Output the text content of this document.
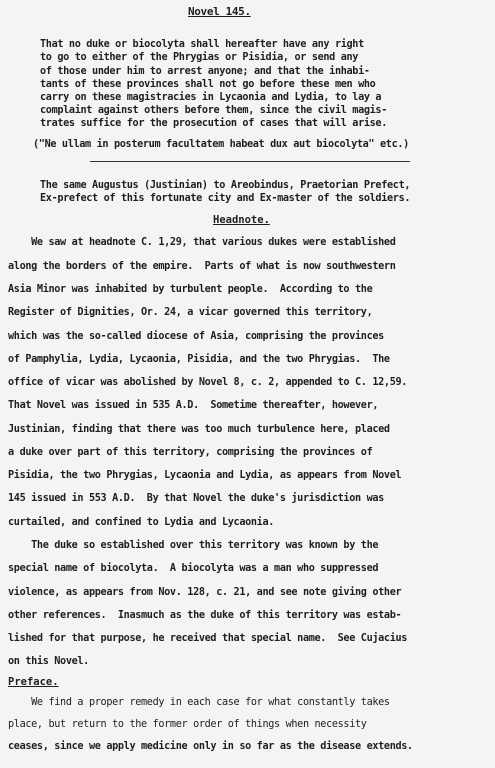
Novel 145.
That no duke or biocolyta shall hereafter have any right
to go to either of the Phrygias or Pisidia, or send any
of those under him to arrest anyone; and that the inhabi-
tants of these provinces shall not go before these men who
carry on these magistracies in Lycaonia and Lydia, to lay a
complaint against others before them, since the civil magis-
trates suffice for the prosecution of cases that will arise.
("Ne ullam in posterum facultatem habeat dux aut biocolyta" etc.)
The same Augustus (Justinian) to Areobindus, Praetorian Prefect,
Ex-prefect of this fortunate city and Ex-master of the soldiers.
Headnote.
We saw at headnote C. 1,29, that various dukes were established
along the borders of the empire.  Parts of what is now southwestern
Asia Minor was inhabited by turbulent people.  According to the
Register of Dignities, Or. 24, a vicar governed this territory,
which was the so-called diocese of Asia, comprising the provinces
of Pamphylia, Lydia, Lycaonia, Pisidia, and the two Phrygias.  The
office of vicar was abolished by Novel 8, c. 2, appended to C. 12,59.
That Novel was issued in 535 A.D.  Sometime thereafter, however,
Justinian, finding that there was too much turbulence here, placed
a duke over part of this territory, comprising the provinces of
Pisidia, the two Phrygias, Lycaonia and Lydia, as appears from Novel
145 issued in 553 A.D.  By that Novel the duke's jurisdiction was
curtailed, and confined to Lydia and Lycaonia.
The duke so established over this territory was known by the
special name of biocolyta.  A biocolyta was a man who suppressed
violence, as appears from Nov. 128, c. 21, and see note giving other
other references.  Inasmuch as the duke of this territory was estab-
lished for that purpose, he received that special name.  See Cujacius
on this Novel.
Preface.
We find a proper remedy in each case for what constantly takes
place, but return to the former order of things when necessity
ceases, since we apply medicine only in so far as the disease extends.
